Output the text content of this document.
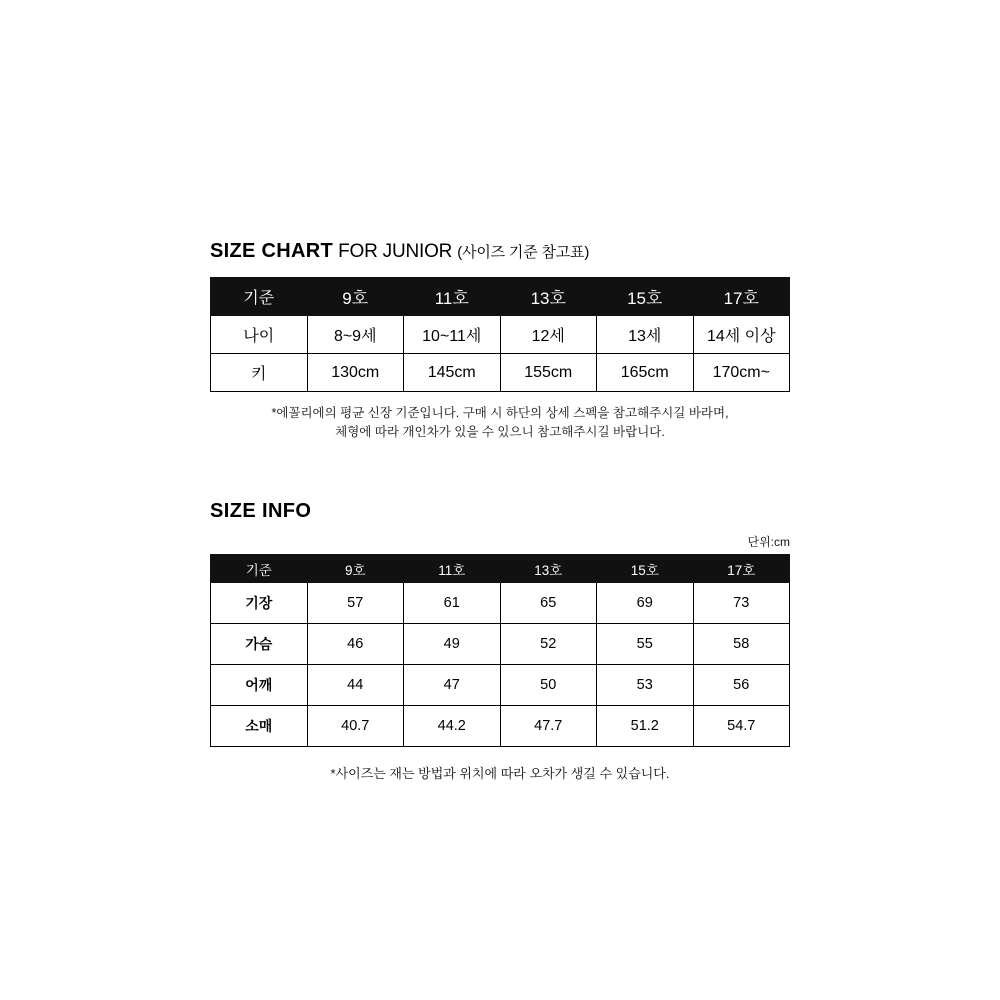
SIZE CHART FOR JUNIOR (사이즈 기준 참고표)
기준	9호	11호	13호	15호	17호
나이	8~9세	10~11세	12세	13세	14세 이상
키	130cm	145cm	155cm	165cm	170cm~
*에꼴리에의 평균 신장 기준입니다. 구매 시 하단의 상세 스펙을 참고해주시길 바라며,
체형에 따라 개인차가 있을 수 있으니 참고해주시길 바랍니다.
SIZE INFO
단위:cm
기준	9호	11호	13호	15호	17호
기장	57	61	65	69	73
가슴	46	49	52	55	58
어깨	44	47	50	53	56
소매	40.7	44.2	47.7	51.2	54.7
*사이즈는 재는 방법과 위치에 따라 오차가 생길 수 있습니다.
